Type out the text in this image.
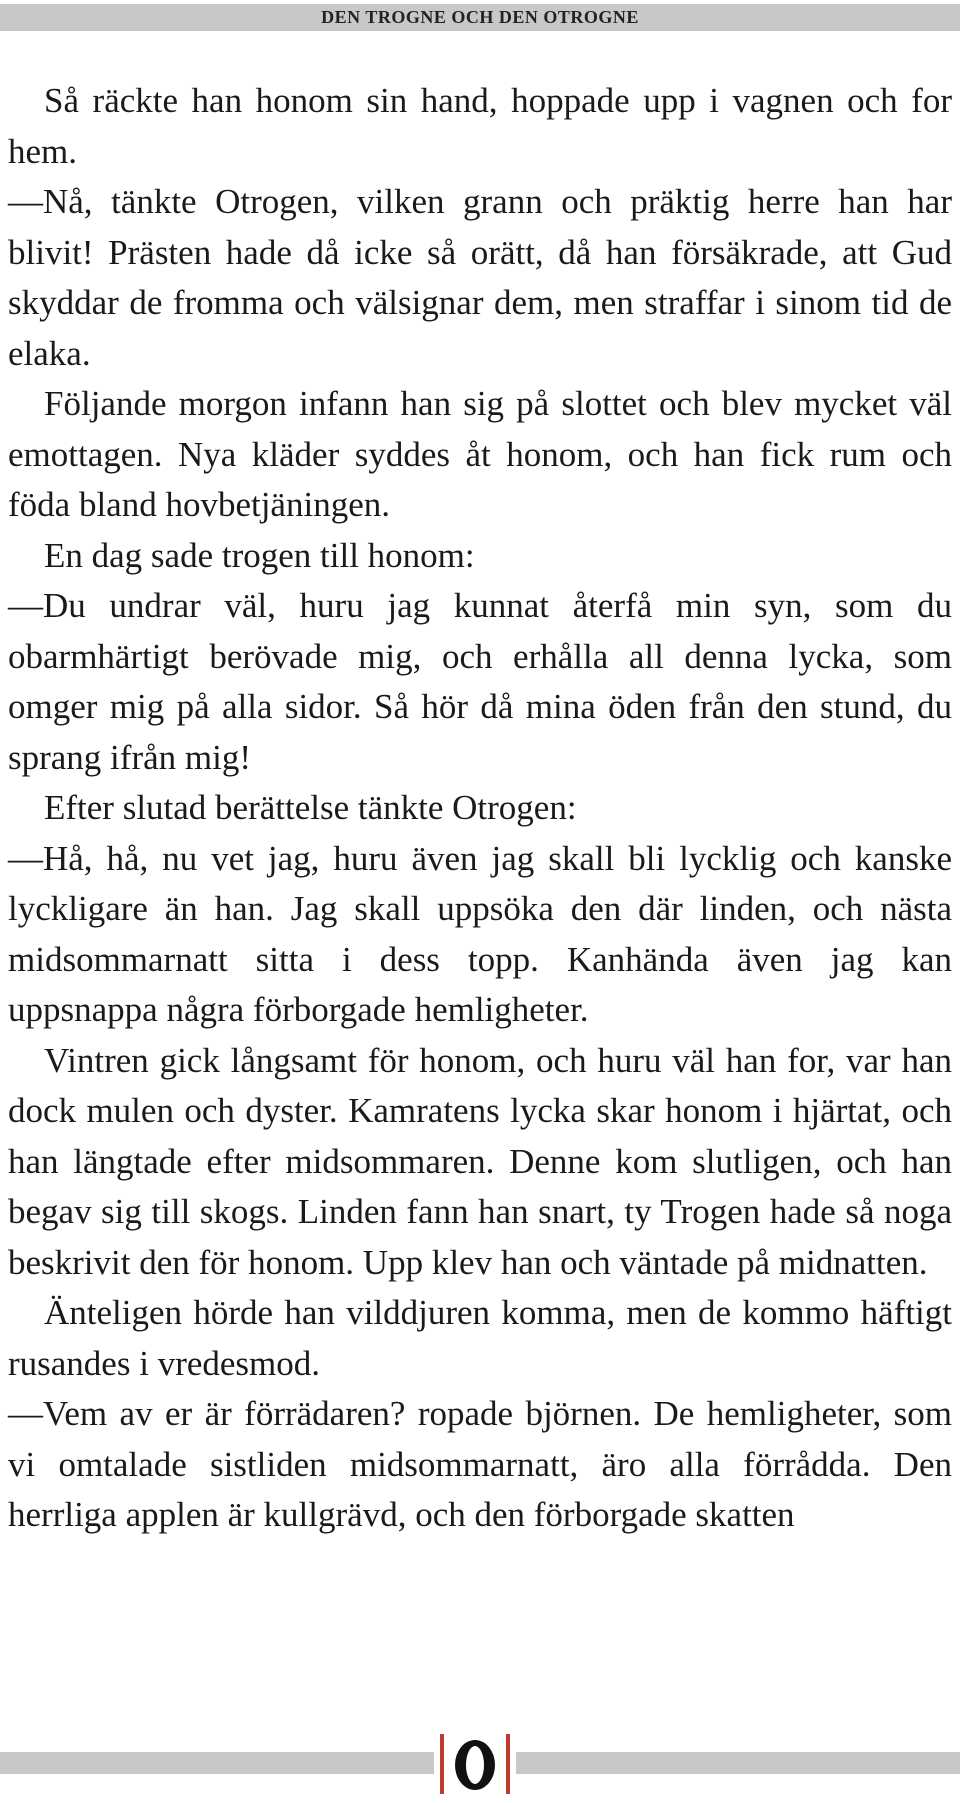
DEN TROGNE OCH DEN OTROGNE

Så räckte han honom sin hand, hoppade upp i vagnen och for hem.

—Nå, tänkte Otrogen, vilken grann och präktig herre han har blivit! Prästen hade då icke så orätt, då han försäkrade, att Gud skyddar de fromma och välsignar dem, men straffar i sinom tid de elaka.

Följande morgon infann han sig på slottet och blev mycket väl emottagen. Nya kläder syddes åt honom, och han fick rum och föda bland hovbetjäningen.

En dag sade trogen till honom:

—Du undrar väl, huru jag kunnat återfå min syn, som du obarmhärtigt berövade mig, och erhålla all denna lycka, som omger mig på alla sidor. Så hör då mina öden från den stund, du sprang ifrån mig!

Efter slutad berättelse tänkte Otrogen:

—Hå, hå, nu vet jag, huru även jag skall bli lycklig och kanske lyckligare än han. Jag skall uppsöka den där linden, och nästa midsommarnatt sitta i dess topp. Kanhända även jag kan uppsnappa några förborgade hemligheter.

Vintren gick långsamt för honom, och huru väl han for, var han dock mulen och dyster. Kamratens lycka skar honom i hjärtat, och han längtade efter midsommaren. Denne kom slutligen, och han begav sig till skogs. Linden fann han snart, ty Trogen hade så noga beskrivit den för honom. Upp klev han och väntade på midnatten.

Änteligen hörde han vilddjuren komma, men de kommo häftigt rusandes i vredesmod.

—Vem av er är förrädaren? ropade björnen. De hemligheter, som vi omtalade sistliden midsommarnatt, äro alla förrådda. Den herrliga applen är kullgrävd, och den förborgade skatten

9
